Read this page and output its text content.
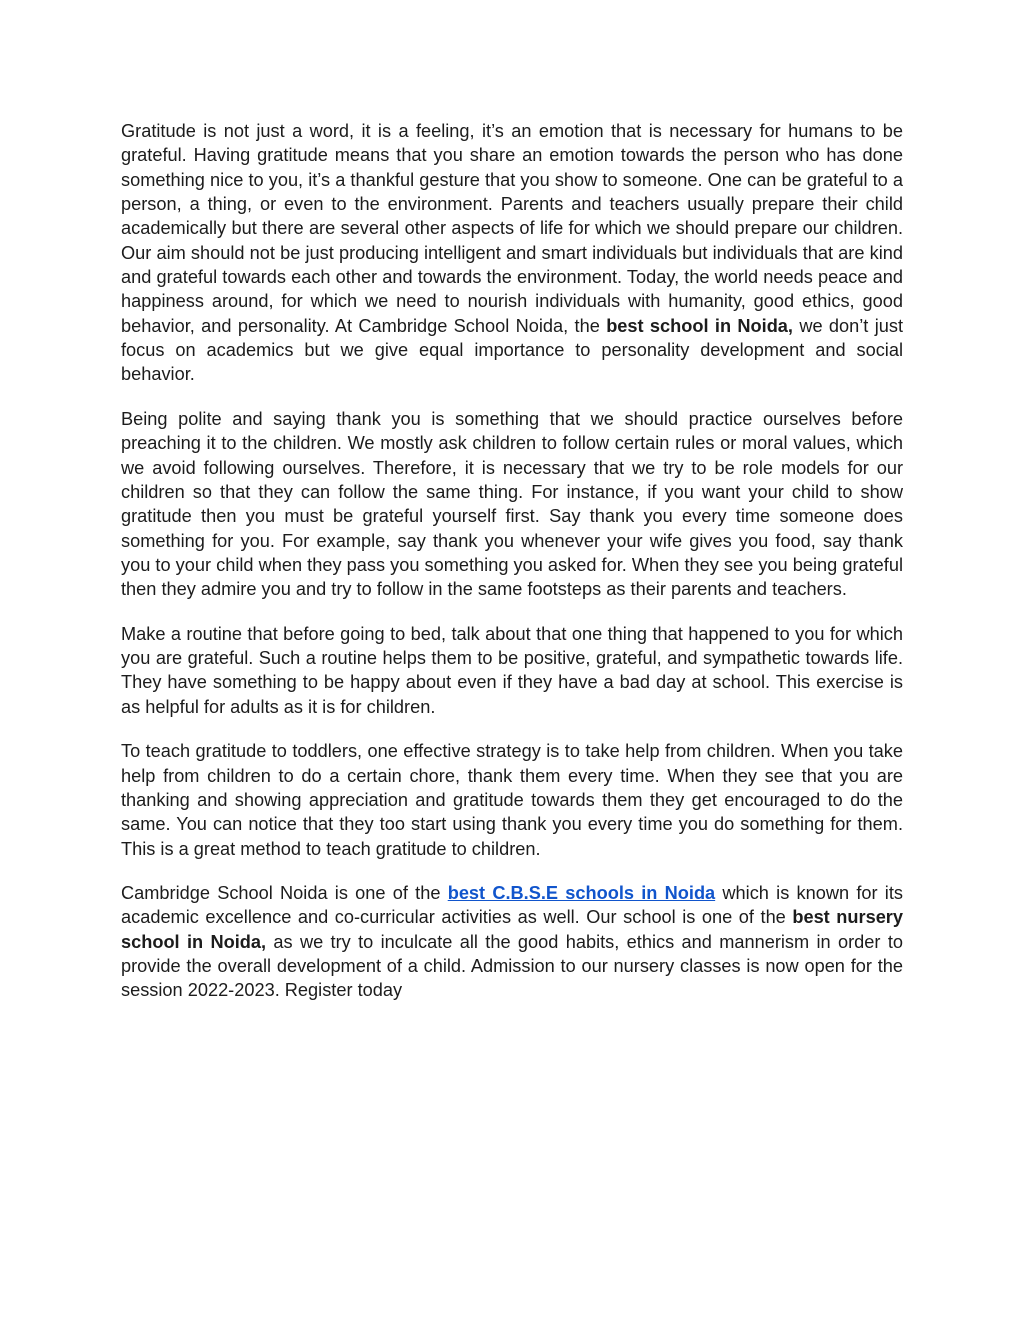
Gratitude is not just a word, it is a feeling, it’s an emotion that is necessary for humans to be grateful. Having gratitude means that you share an emotion towards the person who has done something nice to you, it’s a thankful gesture that you show to someone. One can be grateful to a person, a thing, or even to the environment. Parents and teachers usually prepare their child academically but there are several other aspects of life for which we should prepare our children. Our aim should not be just producing intelligent and smart individuals but individuals that are kind and grateful towards each other and towards the environment. Today, the world needs peace and happiness around, for which we need to nourish individuals with humanity, good ethics, good behavior, and personality. At Cambridge School Noida, the best school in Noida, we don’t just focus on academics but we give equal importance to personality development and social behavior.

Being polite and saying thank you is something that we should practice ourselves before preaching it to the children. We mostly ask children to follow certain rules or moral values, which we avoid following ourselves. Therefore, it is necessary that we try to be role models for our children so that they can follow the same thing. For instance, if you want your child to show gratitude then you must be grateful yourself first. Say thank you every time someone does something for you. For example, say thank you whenever your wife gives you food, say thank you to your child when they pass you something you asked for. When they see you being grateful then they admire you and try to follow in the same footsteps as their parents and teachers.

Make a routine that before going to bed, talk about that one thing that happened to you for which you are grateful. Such a routine helps them to be positive, grateful, and sympathetic towards life. They have something to be happy about even if they have a bad day at school. This exercise is as helpful for adults as it is for children.

To teach gratitude to toddlers, one effective strategy is to take help from children. When you take help from children to do a certain chore, thank them every time. When they see that you are thanking and showing appreciation and gratitude towards them they get encouraged to do the same. You can notice that they too start using thank you every time you do something for them. This is a great method to teach gratitude to children.

Cambridge School Noida is one of the best C.B.S.E schools in Noida which is known for its academic excellence and co-curricular activities as well. Our school is one of the best nursery school in Noida, as we try to inculcate all the good habits, ethics and mannerism in order to provide the overall development of a child. Admission to our nursery classes is now open for the session 2022-2023. Register today
